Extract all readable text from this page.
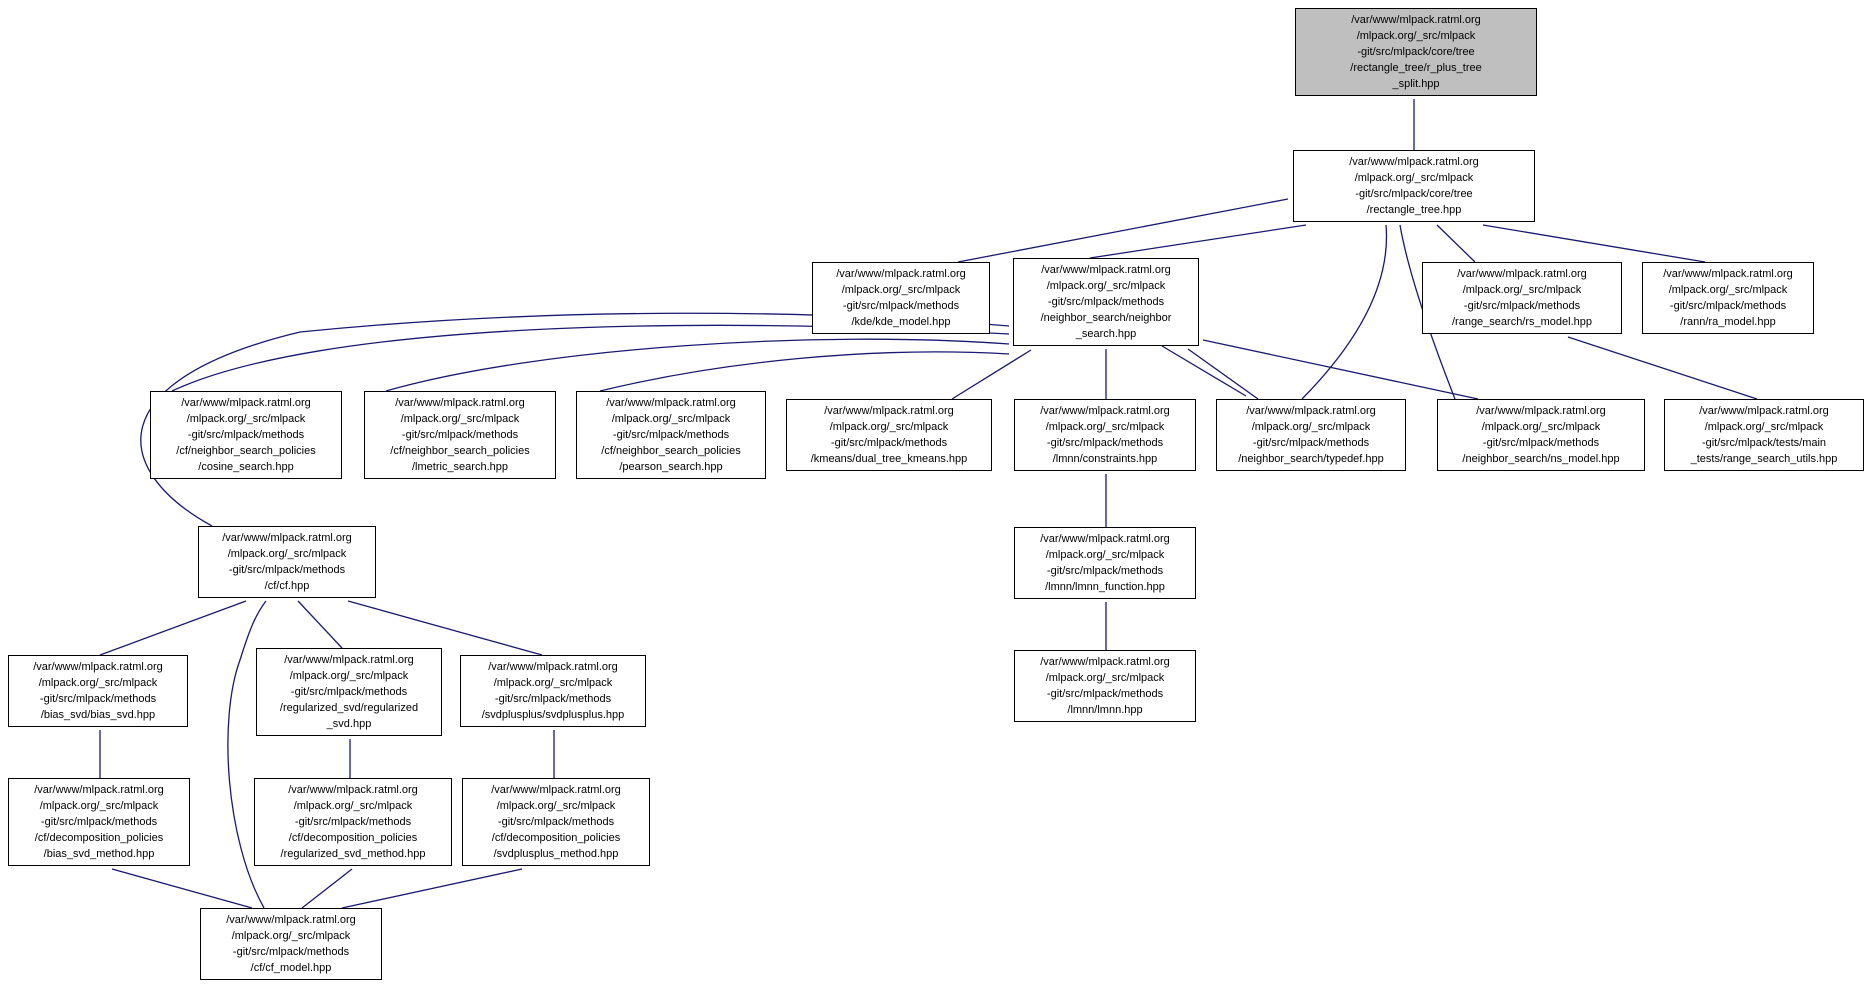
/var/www/mlpack.ratml.org
/mlpack.org/_src/mlpack
-git/src/mlpack/core/tree
/rectangle_tree/r_plus_tree
_split.hpp
/var/www/mlpack.ratml.org
/mlpack.org/_src/mlpack
-git/src/mlpack/core/tree
/rectangle_tree.hpp
/var/www/mlpack.ratml.org
/mlpack.org/_src/mlpack
-git/src/mlpack/methods
/kde/kde_model.hpp
/var/www/mlpack.ratml.org
/mlpack.org/_src/mlpack
-git/src/mlpack/methods
/neighbor_search/neighbor
_search.hpp
/var/www/mlpack.ratml.org
/mlpack.org/_src/mlpack
-git/src/mlpack/methods
/range_search/rs_model.hpp
/var/www/mlpack.ratml.org
/mlpack.org/_src/mlpack
-git/src/mlpack/methods
/rann/ra_model.hpp
/var/www/mlpack.ratml.org
/mlpack.org/_src/mlpack
-git/src/mlpack/methods
/cf/neighbor_search_policies
/cosine_search.hpp
/var/www/mlpack.ratml.org
/mlpack.org/_src/mlpack
-git/src/mlpack/methods
/cf/neighbor_search_policies
/lmetric_search.hpp
/var/www/mlpack.ratml.org
/mlpack.org/_src/mlpack
-git/src/mlpack/methods
/cf/neighbor_search_policies
/pearson_search.hpp
/var/www/mlpack.ratml.org
/mlpack.org/_src/mlpack
-git/src/mlpack/methods
/kmeans/dual_tree_kmeans.hpp
/var/www/mlpack.ratml.org
/mlpack.org/_src/mlpack
-git/src/mlpack/methods
/lmnn/constraints.hpp
/var/www/mlpack.ratml.org
/mlpack.org/_src/mlpack
-git/src/mlpack/methods
/neighbor_search/typedef.hpp
/var/www/mlpack.ratml.org
/mlpack.org/_src/mlpack
-git/src/mlpack/methods
/neighbor_search/ns_model.hpp
/var/www/mlpack.ratml.org
/mlpack.org/_src/mlpack
-git/src/mlpack/tests/main
_tests/range_search_utils.hpp
/var/www/mlpack.ratml.org
/mlpack.org/_src/mlpack
-git/src/mlpack/methods
/cf/cf.hpp
/var/www/mlpack.ratml.org
/mlpack.org/_src/mlpack
-git/src/mlpack/methods
/lmnn/lmnn_function.hpp
/var/www/mlpack.ratml.org
/mlpack.org/_src/mlpack
-git/src/mlpack/methods
/bias_svd/bias_svd.hpp
/var/www/mlpack.ratml.org
/mlpack.org/_src/mlpack
-git/src/mlpack/methods
/regularized_svd/regularized
_svd.hpp
/var/www/mlpack.ratml.org
/mlpack.org/_src/mlpack
-git/src/mlpack/methods
/svdplusplus/svdplusplus.hpp
/var/www/mlpack.ratml.org
/mlpack.org/_src/mlpack
-git/src/mlpack/methods
/lmnn/lmnn.hpp
/var/www/mlpack.ratml.org
/mlpack.org/_src/mlpack
-git/src/mlpack/methods
/cf/decomposition_policies
/bias_svd_method.hpp
/var/www/mlpack.ratml.org
/mlpack.org/_src/mlpack
-git/src/mlpack/methods
/cf/decomposition_policies
/regularized_svd_method.hpp
/var/www/mlpack.ratml.org
/mlpack.org/_src/mlpack
-git/src/mlpack/methods
/cf/decomposition_policies
/svdplusplus_method.hpp
/var/www/mlpack.ratml.org
/mlpack.org/_src/mlpack
-git/src/mlpack/methods
/cf/cf_model.hpp
